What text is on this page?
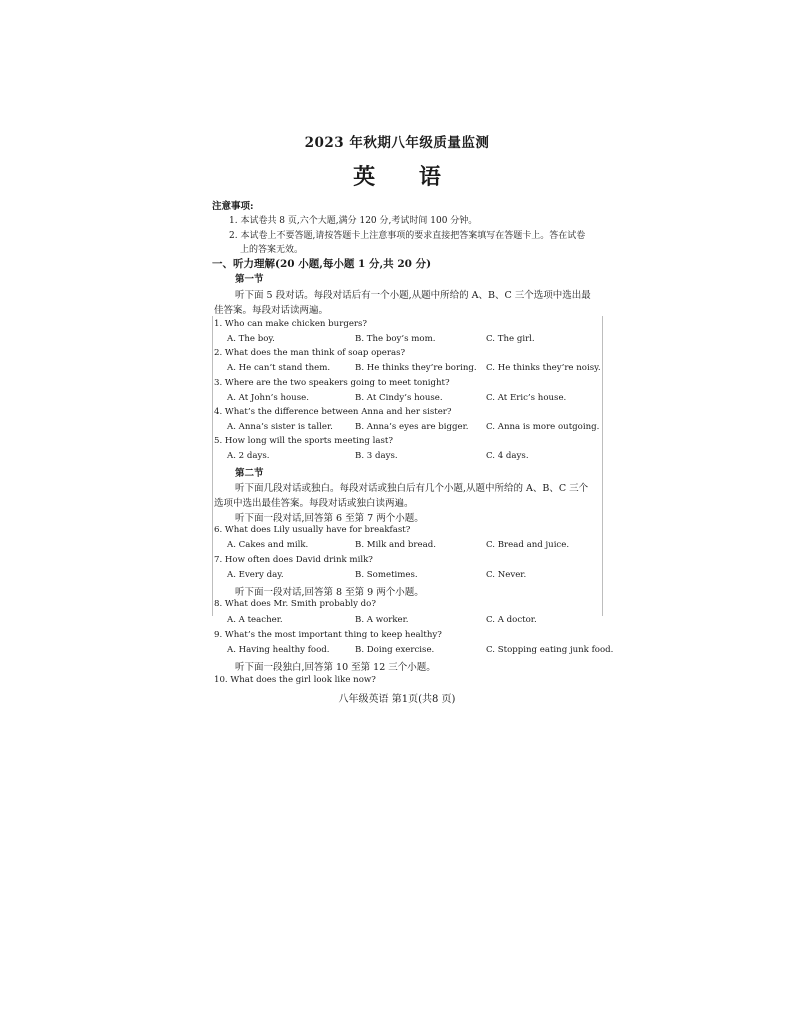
2023 年秋期八年级质量监测
英 语
注意事项:
1. 本试卷共 8 页,六个大题,满分 120 分,考试时间 100 分钟。
2. 本试卷上不要答题,请按答题卡上注意事项的要求直接把答案填写在答题卡上。答在试卷
上的答案无效。
一、听力理解(20 小题,每小题 1 分,共 20 分)
第一节
听下面 5 段对话。每段对话后有一个小题,从题中所给的 A、B、C 三个选项中选出最
佳答案。每段对话读两遍。
1. Who can make chicken burgers?
A. The boy.	B. The boy’s mom.	C. The girl.
2. What does the man think of soap operas?
A. He can’t stand them.	B. He thinks they’re boring. C. He thinks they’re noisy.
3. Where are the two speakers going to meet tonight?
A. At John’s house.	B. At Cindy’s house.	C. At Eric’s house.
4. What’s the difference between Anna and her sister?
A. Anna’s sister is taller.	B. Anna’s eyes are bigger. C. Anna is more outgoing.
5. How long will the sports meeting last?
A. 2 days.	B. 3 days.	C. 4 days.
第二节
听下面几段对话或独白。每段对话或独白后有几个小题,从题中所给的 A、B、C 三个
选项中选出最佳答案。每段对话或独白读两遍。
听下面一段对话,回答第 6 至第 7 两个小题。
6. What does Lily usually have for breakfast?
A. Cakes and milk.	B. Milk and bread.	C. Bread and juice.
7. How often does David drink milk?
A. Every day.	B. Sometimes.	C. Never.
听下面一段对话,回答第 8 至第 9 两个小题。
8. What does Mr. Smith probably do?
A. A teacher.	B. A worker.	C. A doctor.
9. What’s the most important thing to keep healthy?
A. Having healthy food.	B. Doing exercise.	C. Stopping eating junk food.
听下面一段独白,回答第 10 至第 12 三个小题。
10. What does the girl look like now?
八年级英语 第1页(共8 页)
